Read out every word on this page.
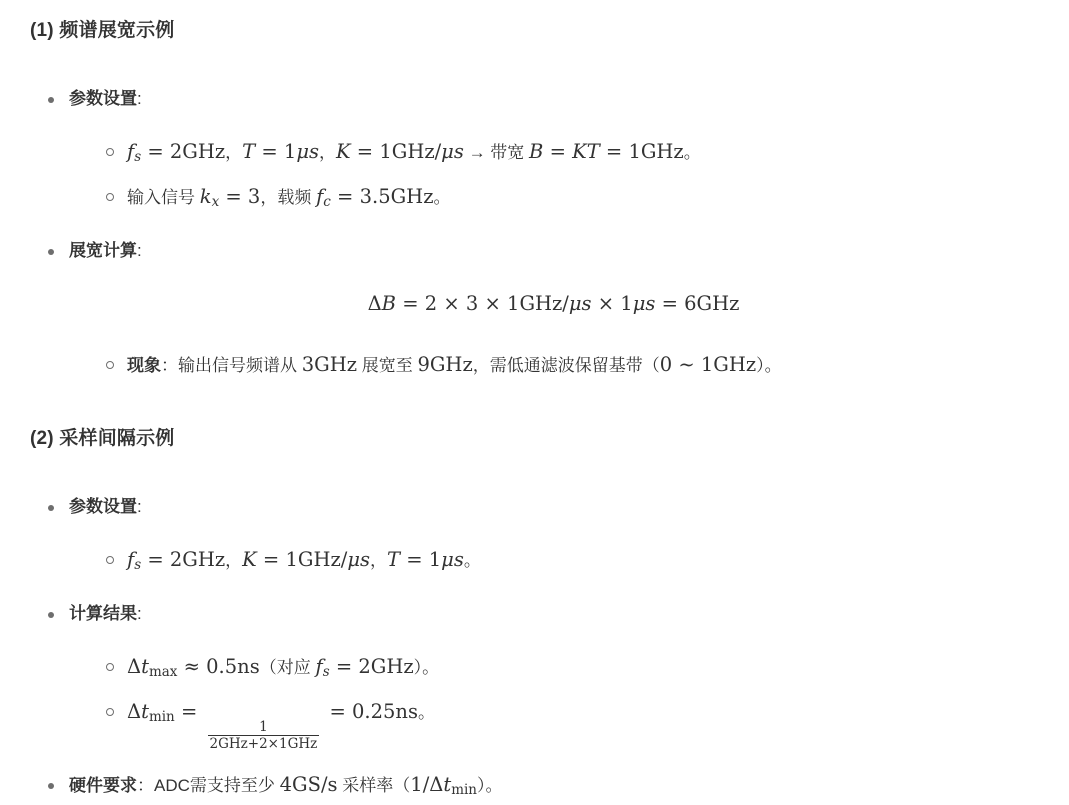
(1) 频谱展宽示例
参数设置:
fs = 2GHz，T = 1μs，K = 1GHz/μs → 带宽 B = KT = 1GHz。
输入信号 kx = 3，载频 fc = 3.5GHz。
展宽计算:
ΔB = 2 × 3 × 1GHz/μs × 1μs = 6GHz
现象：输出信号频谱从 3GHz 展宽至 9GHz，需低通滤波保留基带（0 ∼ 1GHz）。
(2) 采样间隔示例
参数设置:
fs = 2GHz，K = 1GHz/μs，T = 1μs。
计算结果:
Δtmax ≈ 0.5ns（对应 fs = 2GHz）。
Δtmin =
$\frac{1}{\text{2GHz+2×1GHz}}$
= 0.25ns。
硬件要求：ADC需支持至少 4GS/s 采样率（1/Δtmin）。
